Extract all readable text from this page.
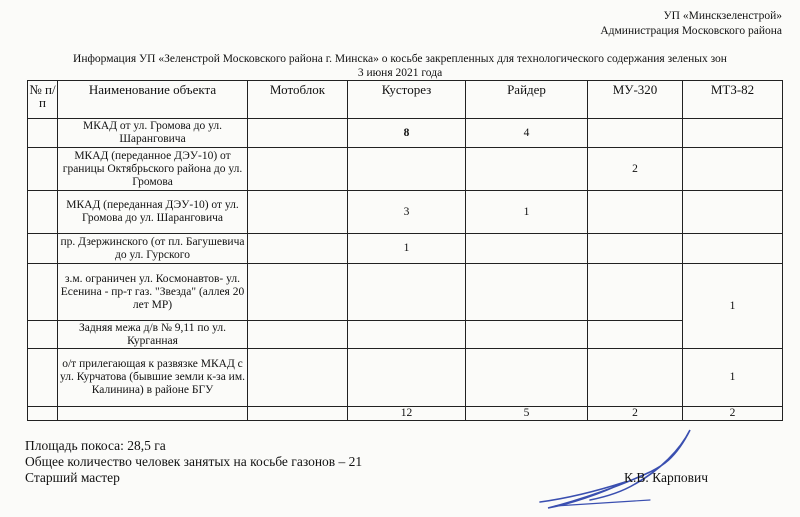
УП «Минскзеленстрой»
Администрация Московского района
Информация УП «Зеленстрой Московского района г. Минска» о косьбе закрепленных для технологического содержания зеленых зон
3 июня 2021 года
№ п/п	Наименование объекта	Мотоблок	Кусторез	Райдер	МУ-320	МТЗ-82
	МКАД от ул. Громова до ул. Шаранговича		8	4		
	МКАД (переданное ДЭУ-10) от границы Октябрьского района до ул. Громова				2	
	МКАД (переданная ДЭУ-10) от ул. Громова до ул. Шаранговича		3	1		
	пр. Дзержинского (от пл. Багушевича до ул. Гурского		1			
	з.м. ограничен ул. Космонавтов- ул. Есенина - пр-т газ. "Звезда" (аллея 20 лет МР)					1
	Задняя межа д/в № 9,11 по ул. Курганная					
	о/т прилегающая к развязке МКАД с ул. Курчатова (бывшие земли к-за им. Калинина) в районе БГУ					1
			12	5	2	2
Площадь покоса: 28,5 га
Общее количество человек занятых на косьбе газонов – 21
Старший мастер	К.В. Карпович
